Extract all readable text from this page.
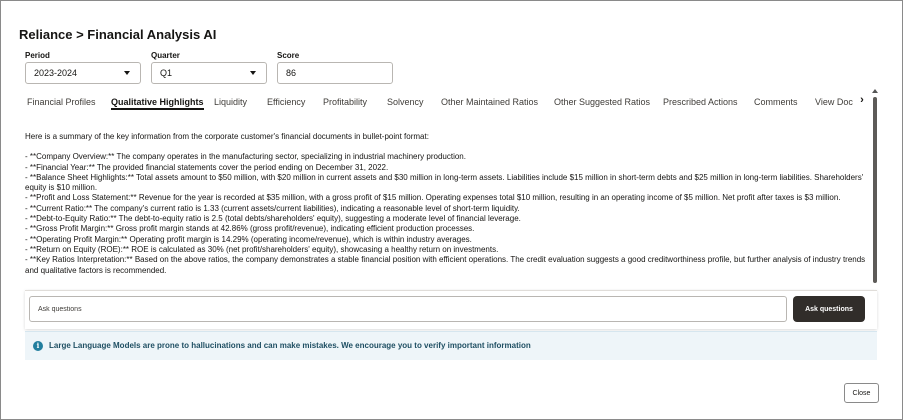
Reliance > Financial Analysis AI
Period
2023-2024
Quarter
Q1
Score
86
Financial Profiles Qualitative Highlights Liquidity Efficiency Profitability Solvency Other Maintained Ratios Other Suggested Ratios Prescribed Actions Comments View Doc ›

Here is a summary of the key information from the corporate customer's financial documents in bullet-point format:

- **Company Overview:** The company operates in the manufacturing sector, specializing in industrial machinery production.

- **Financial Year:** The provided financial statements cover the period ending on December 31, 2022.

- **Balance Sheet Highlights:** Total assets amount to $50 million, with $20 million in current assets and $30 million in long-term assets. Liabilities include $15 million in short-term debts and $25 million in long-term liabilities. Shareholders' equity is $10 million.

- **Profit and Loss Statement:** Revenue for the year is recorded at $35 million, with a gross profit of $15 million. Operating expenses total $10 million, resulting in an operating income of $5 million. Net profit after taxes is $3 million.

- **Current Ratio:** The company's current ratio is 1.33 (current assets/current liabilities), indicating a reasonable level of short-term liquidity.

- **Debt-to-Equity Ratio:** The debt-to-equity ratio is 2.5 (total debts/shareholders' equity), suggesting a moderate level of financial leverage.

- **Gross Profit Margin:** Gross profit margin stands at 42.86% (gross profit/revenue), indicating efficient production processes.

- **Operating Profit Margin:** Operating profit margin is 14.29% (operating income/revenue), which is within industry averages.

- **Return on Equity (ROE):** ROE is calculated as 30% (net profit/shareholders' equity), showcasing a healthy return on investments.

- **Key Ratios Interpretation:** Based on the above ratios, the company demonstrates a stable financial position with efficient operations. The credit evaluation suggests a good creditworthiness profile, but further analysis of industry trends and qualitative factors is recommended.

Ask questions
Ask questions
i	Large Language Models are prone to hallucinations and can make mistakes. We encourage you to verify important information
Close
